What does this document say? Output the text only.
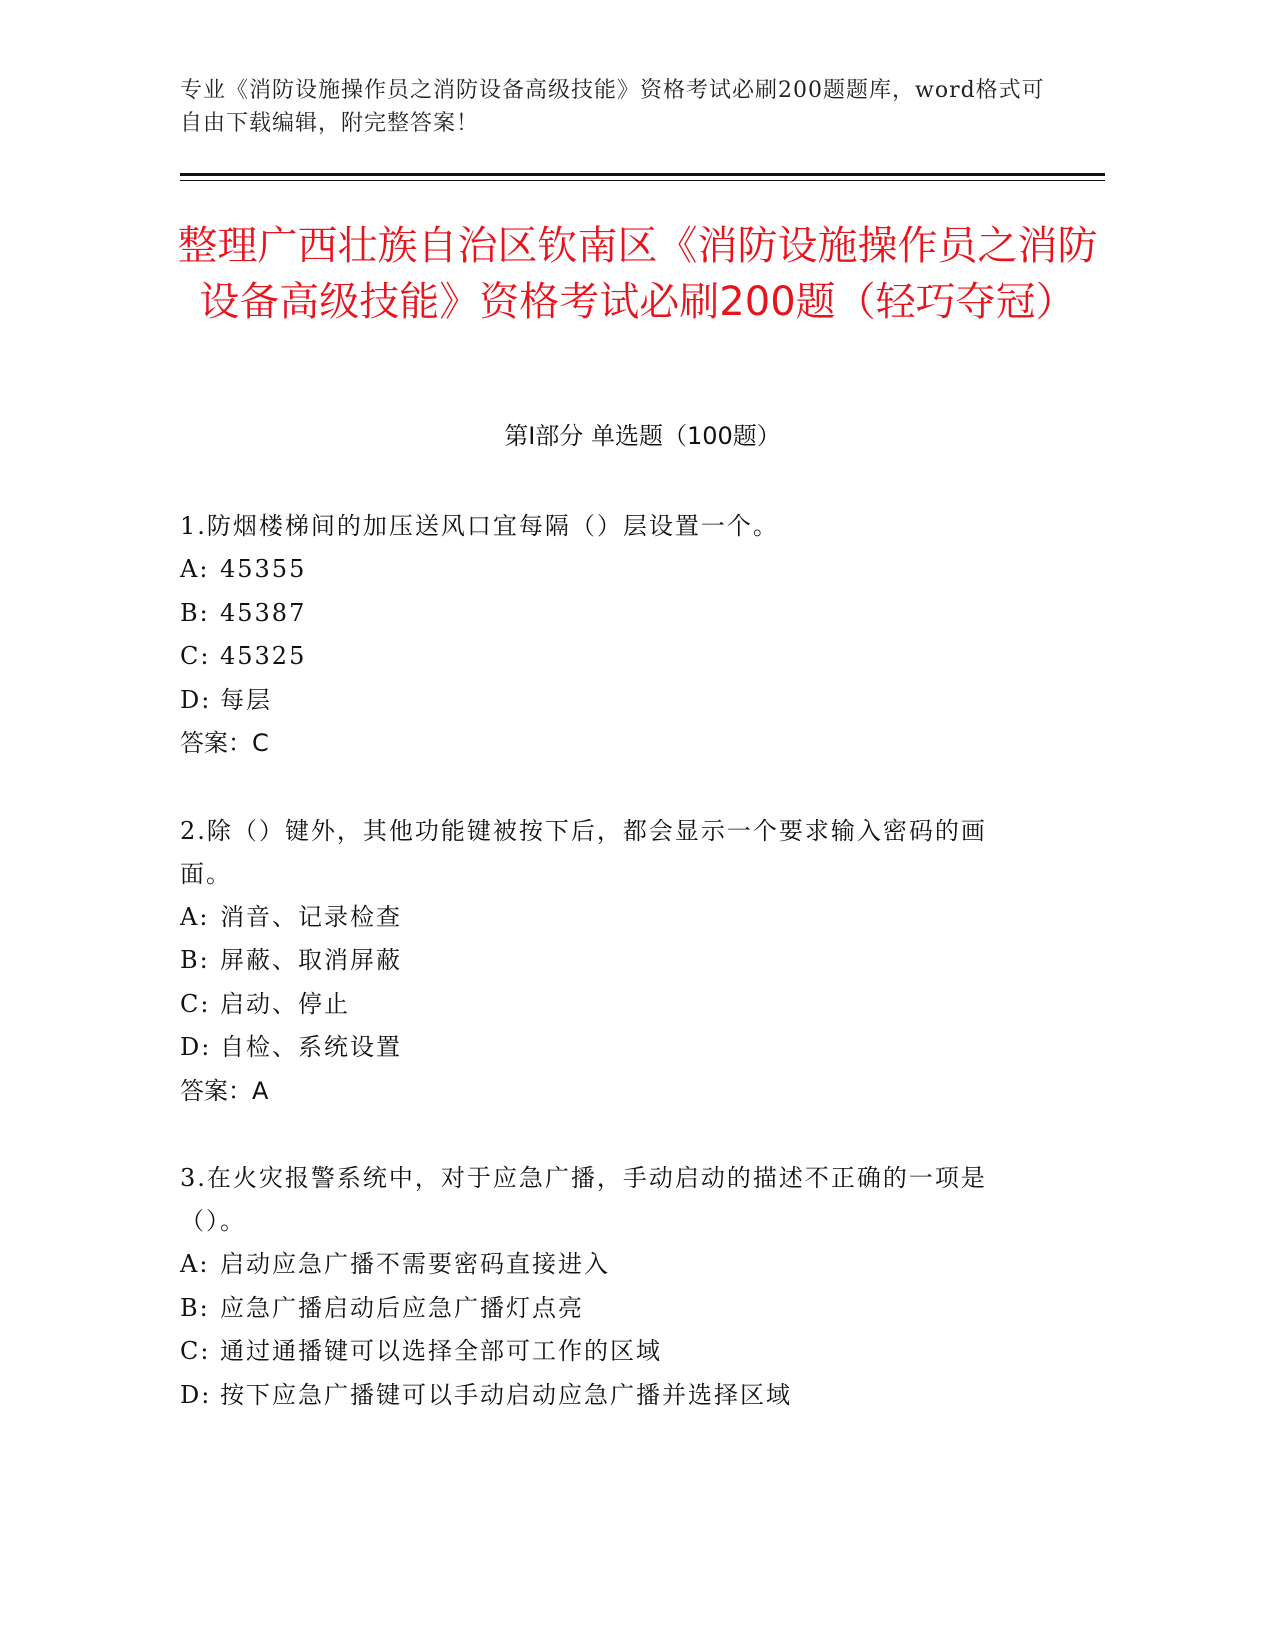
专业《消防设施操作员之消防设备高级技能》资格考试必刷200题题库，word格式可自由下载编辑，附完整答案！
整理广西壮族自治区钦南区《消防设施操作员之消防设备高级技能》资格考试必刷200题（轻巧夺冠）
第I部分 单选题（100题）

1.防烟楼梯间的加压送风口宜每隔（）层设置一个。

A: 45355

B: 45387

C: 45325

D: 每层

答案：C

2.除（）键外，其他功能键被按下后，都会显示一个要求输入密码的画面。

A: 消音、记录检查

B: 屏蔽、取消屏蔽

C: 启动、停止

D: 自检、系统设置

答案：A

3.在火灾报警系统中，对于应急广播，手动启动的描述不正确的一项是（）。

A: 启动应急广播不需要密码直接进入

B: 应急广播启动后应急广播灯点亮

C: 通过通播键可以选择全部可工作的区域

D: 按下应急广播键可以手动启动应急广播并选择区域
